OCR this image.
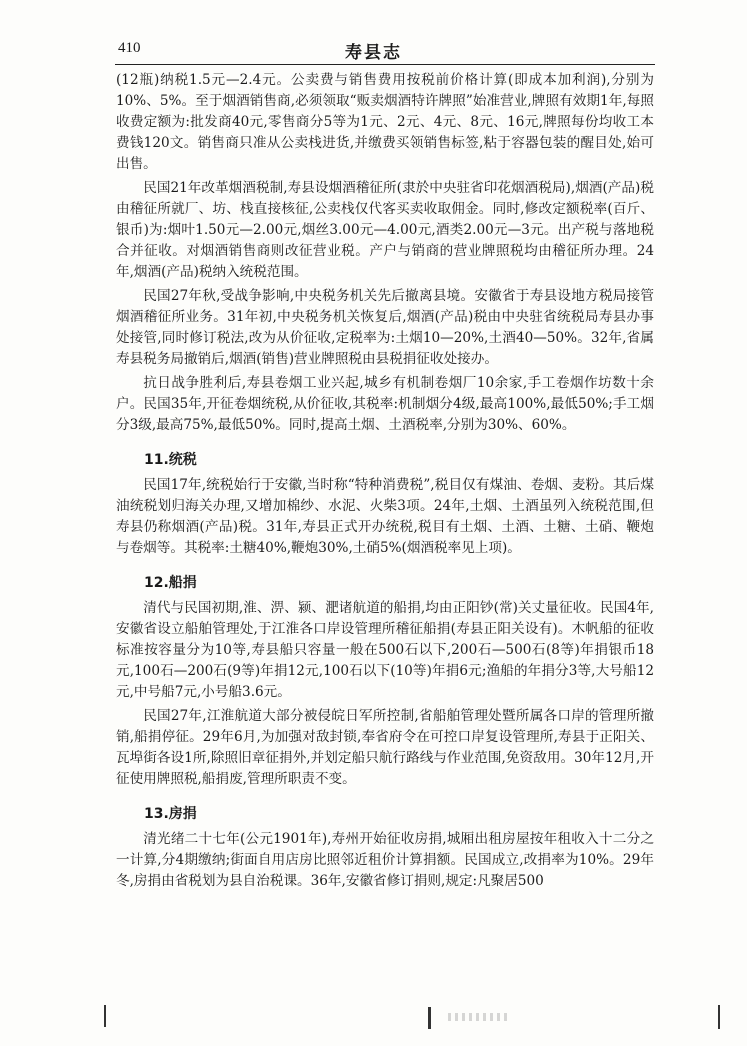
410	寿县志

(12瓶)纳税1.5元—2.4元。公卖费与销售费用按税前价格计算(即成本加利润),分别为10%、5%。至于烟酒销售商,必须领取“贩卖烟酒特许牌照”始准营业,牌照有效期1年,每照收费定额为:批发商40元,零售商分5等为1元、2元、4元、8元、16元,牌照每份均收工本费钱120文。销售商只准从公卖栈进货,并缴费买领销售标签,粘于容器包装的醒目处,始可出售。

民国21年改革烟酒税制,寿县设烟酒稽征所(隶於中央驻省印花烟酒税局),烟酒(产品)税由稽征所就厂、坊、栈直接核征,公卖栈仅代客买卖收取佣金。同时,修改定额税率(百斤、银币)为:烟叶1.50元—2.00元,烟丝3.00元—4.00元,酒类2.00元—3元。出产税与落地税合并征收。对烟酒销售商则改征营业税。产户与销商的营业牌照税均由稽征所办理。24年,烟酒(产品)税纳入统税范围。

民国27年秋,受战争影响,中央税务机关先后撤离县境。安徽省于寿县设地方税局接管烟酒稽征所业务。31年初,中央税务机关恢复后,烟酒(产品)税由中央驻省统税局寿县办事处接管,同时修订税法,改为从价征收,定税率为:土烟10—20%,土酒40—50%。32年,省属寿县税务局撤销后,烟酒(销售)营业牌照税由县税捐征收处接办。

抗日战争胜利后,寿县卷烟工业兴起,城乡有机制卷烟厂10余家,手工卷烟作坊数十余户。民国35年,开征卷烟统税,从价征收,其税率:机制烟分4级,最高100%,最低50%;手工烟分3级,最高75%,最低50%。同时,提高土烟、土酒税率,分别为30%、60%。

11.统税

民国17年,统税始行于安徽,当时称“特种消费税”,税目仅有煤油、卷烟、麦粉。其后煤油统税划归海关办理,又增加棉纱、水泥、火柴3项。24年,土烟、土酒虽列入统税范围,但寿县仍称烟酒(产品)税。31年,寿县正式开办统税,税目有土烟、土酒、土糖、土硝、鞭炮与卷烟等。其税率:土糖40%,鞭炮30%,土硝5%(烟酒税率见上项)。

12.船捐

清代与民国初期,淮、淠、颍、淝诸航道的船捐,均由正阳钞(常)关丈量征收。民国4年,安徽省设立船舶管理处,于江淮各口岸设管理所稽征船捐(寿县正阳关设有)。木帆船的征收标准按容量分为10等,寿县船只容量一般在500石以下,200石—500石(8等)年捐银币18元,100石—200石(9等)年捐12元,100石以下(10等)年捐6元;渔船的年捐分3等,大号船12元,中号船7元,小号船3.6元。

民国27年,江淮航道大部分被侵皖日军所控制,省船舶管理处暨所属各口岸的管理所撤销,船捐停征。29年6月,为加强对敌封锁,奉省府令在可控口岸复设管理所,寿县于正阳关、瓦埠街各设1所,除照旧章征捐外,并划定船只航行路线与作业范围,免资敌用。30年12月,开征使用牌照税,船捐废,管理所职责不变。

13.房捐

清光绪二十七年(公元1901年),寿州开始征收房捐,城厢出租房屋按年租收入十二分之一计算,分4期缴纳;街面自用店房比照邻近租价计算捐额。民国成立,改捐率为10%。29年冬,房捐由省税划为县自治税课。36年,安徽省修订捐则,规定:凡聚居500
